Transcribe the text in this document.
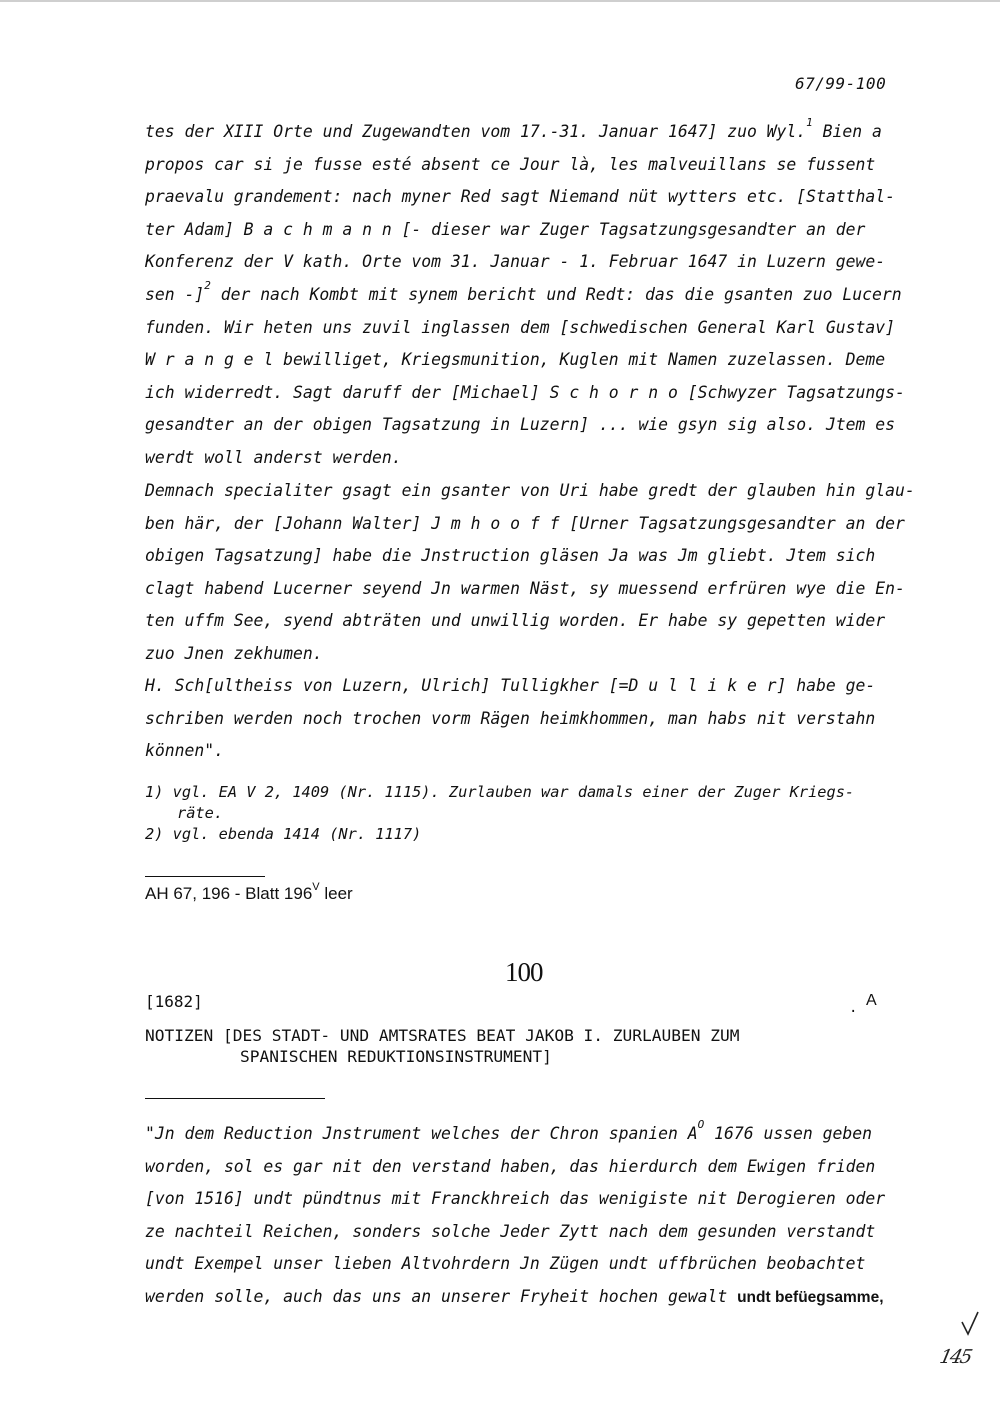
67/99-100

tes der XIII Orte und Zugewandten vom 17.-31. Januar 1647] zuo Wyl.$^1$ Bien a

propos car si je fusse esté absent ce Jour là, les malveuillans se fussent

praevalu grandement: nach myner Red sagt Niemand nüt wytters etc. [Statthal-

ter Adam] B a c h m a n n [- dieser war Zuger Tagsatzungsgesandter an der

Konferenz der V kath. Orte vom 31. Januar - 1. Februar 1647 in Luzern gewe-

sen -]$^2$ der nach Kombt mit synem bericht und Redt: das die gsanten zuo Lucern

funden. Wir heten uns zuvil inglassen dem [schwedischen General Karl Gustav]

W r a n g e l bewilliget, Kriegsmunition, Kuglen mit Namen zuzelassen. Deme

ich widerredt. Sagt daruff der [Michael] S c h o r n o [Schwyzer Tagsatzungs-

gesandter an der obigen Tagsatzung in Luzern] ... wie gsyn sig also. Jtem es

werdt woll anderst werden.

Demnach specialiter gsagt ein gsanter von Uri habe gredt der glauben hin glau-

ben här, der [Johann Walter] J m h o o f f [Urner Tagsatzungsgesandter an der

obigen Tagsatzung] habe die Jnstruction gläsen Ja was Jm gliebt. Jtem sich

clagt habend Lucerner seyend Jn warmen Näst, sy muessend erfrüren wye die En-

ten uffm See, syend abträten und unwillig worden. Er habe sy gepetten wider

zuo Jnen zekhumen.

H. Sch[ultheiss von Luzern, Ulrich] Tulligkher [=D u l l i k e r] habe ge-

schriben werden noch trochen vorm Rägen heimkhommen, man habs nit verstahn

können".

1) vgl. EA V 2, 1409 (Nr. 1115). Zurlauben war damals einer der Zuger Kriegs-

räte.

2) vgl. ebenda 1414 (Nr. 1117)

AH 67, 196 - Blatt $196^V$ leer
100
[1682]	. A
NOTIZEN [DES STADT- UND AMTSRATES BEAT JAKOB I. ZURLAUBEN ZUM
SPANISCHEN REDUKTIONSINSTRUMENT]

"Jn dem Reduction Jnstrument welches der Chron spanien $A^O$ 1676 ussen geben

worden, sol es gar nit den verstand haben, das hierdurch dem Ewigen friden

[von 1516] undt pündtnus mit Franckhreich das wenigiste nit Derogieren oder

ze nachteil Reichen, sonders solche Jeder Zytt nach dem gesunden verstandt

undt Exempel unser lieben Altvohrdern Jn Zügen undt uffbrüchen beobachtet

werden solle, auch das uns an unserer Fryheit hochen gewalt undt befüegsamme,

145
